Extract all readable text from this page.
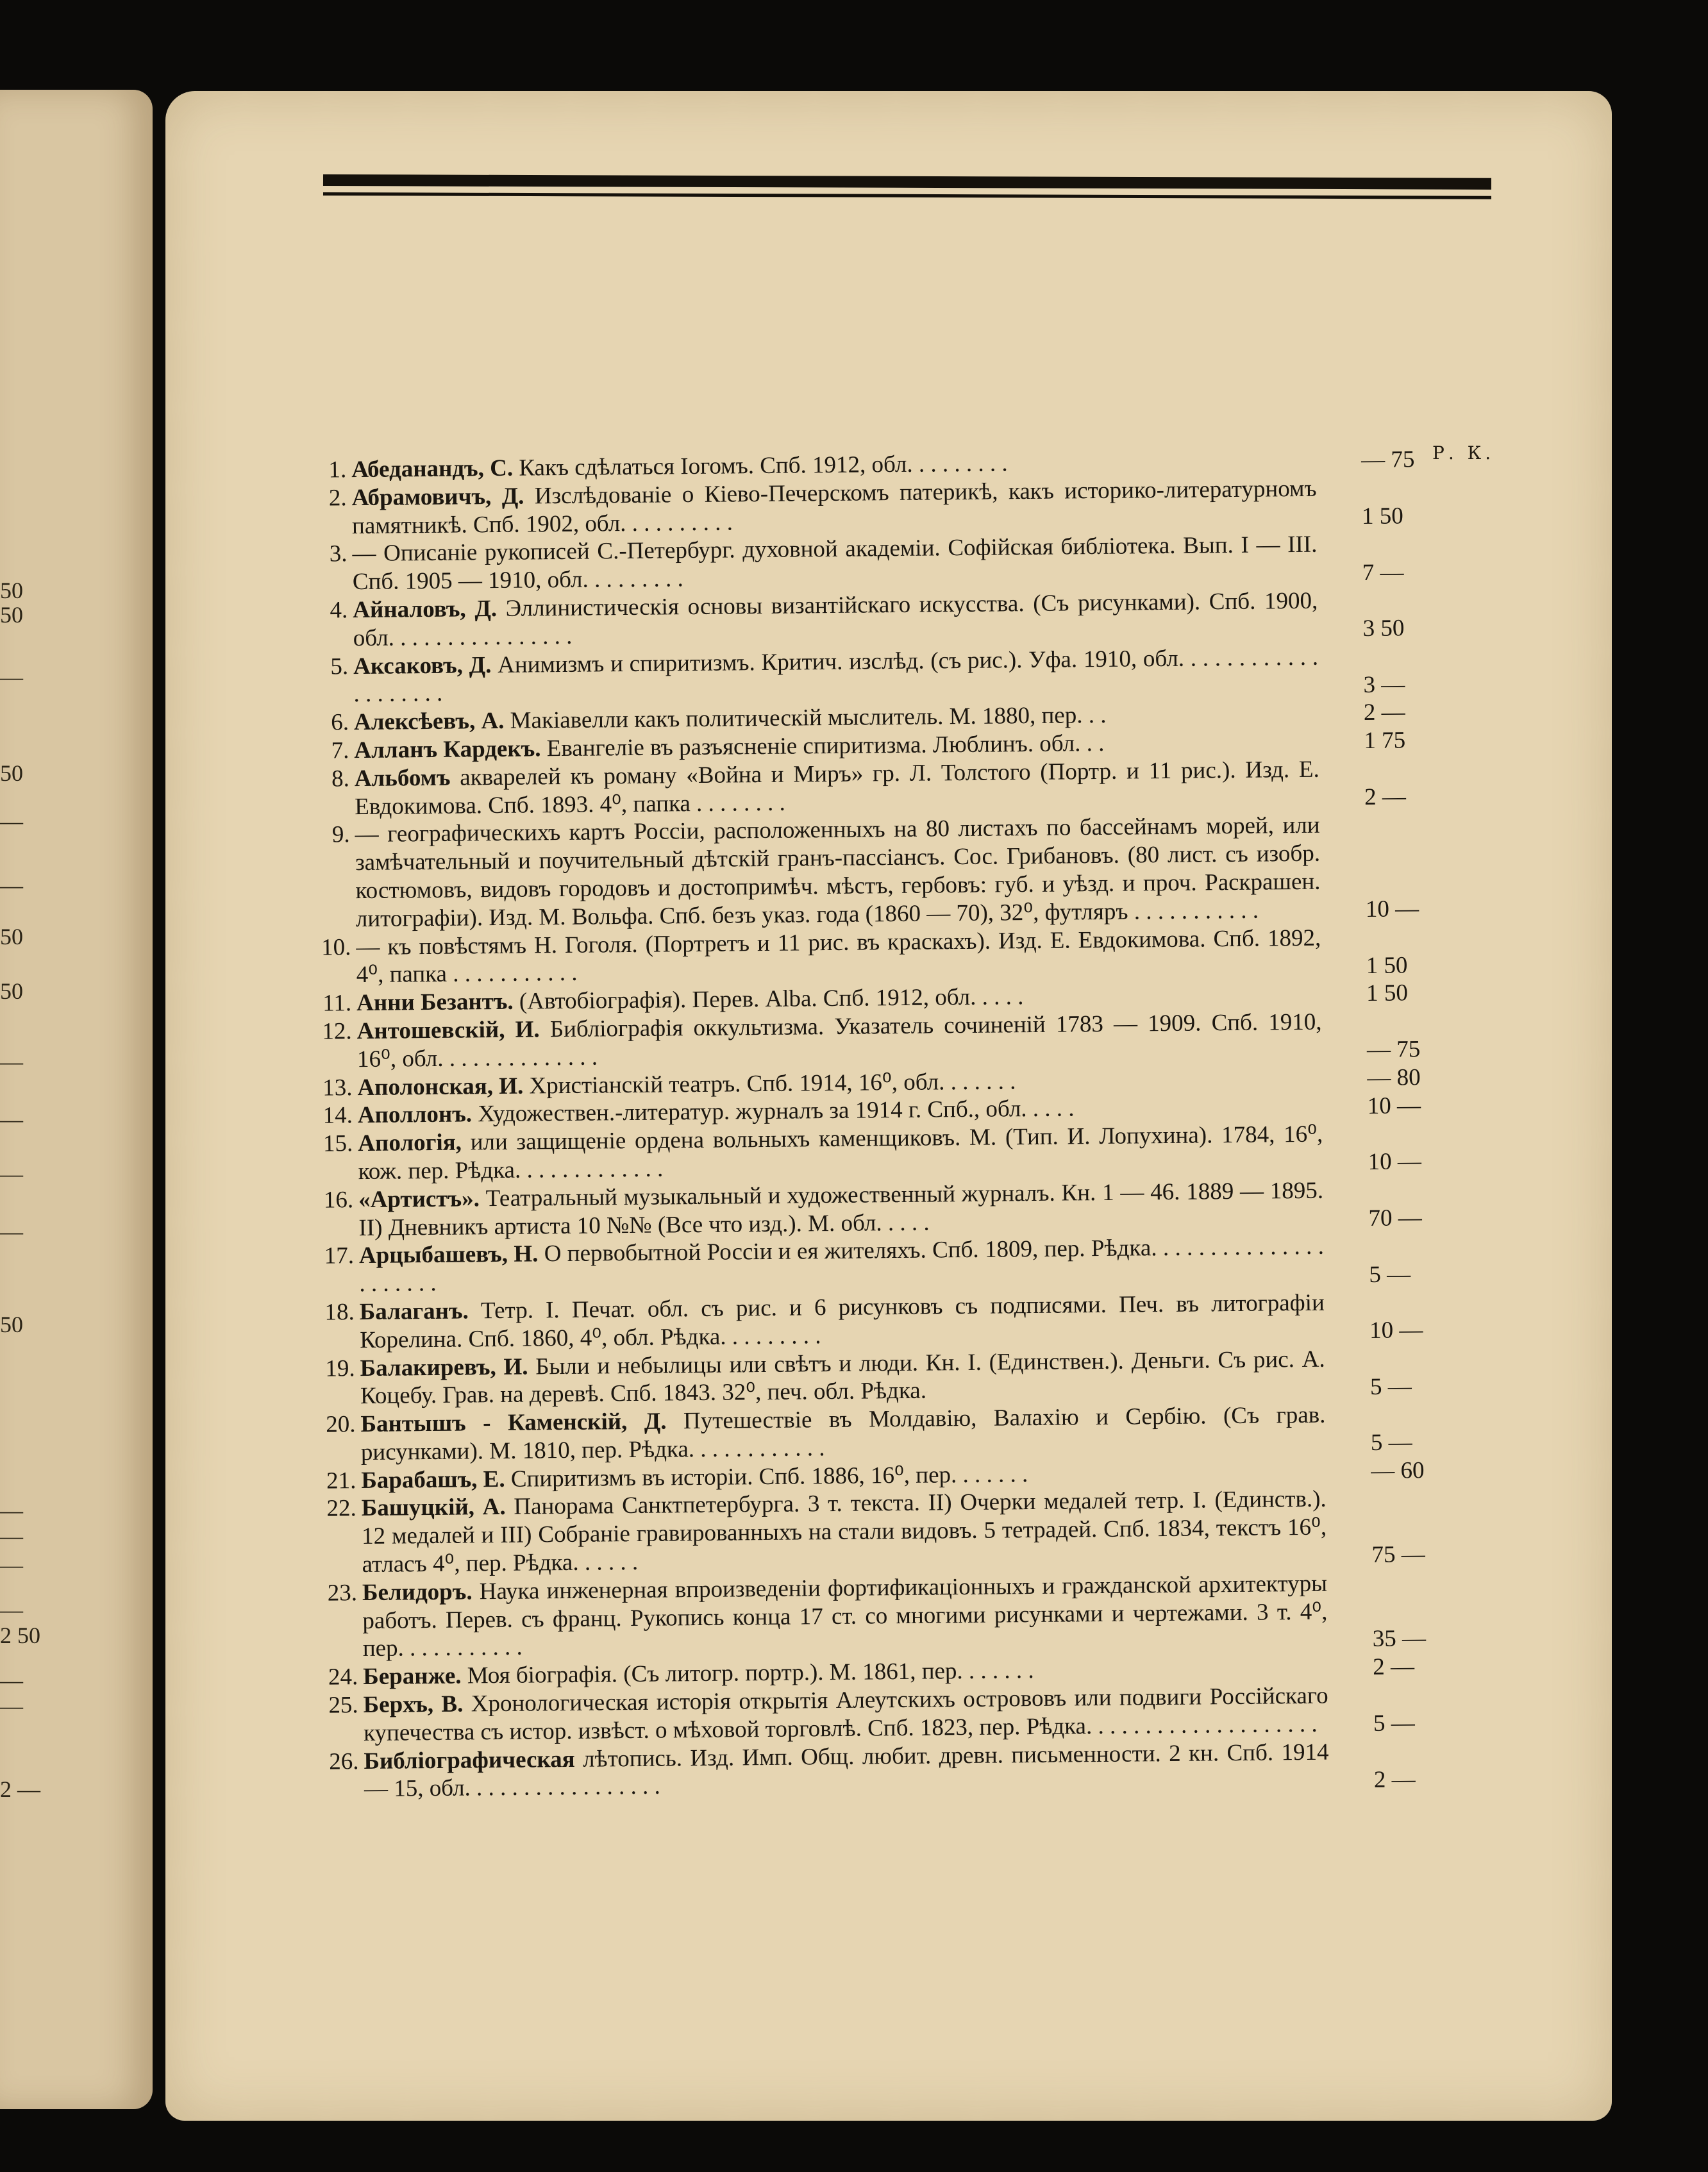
50
50
—
50
—
—
50
50
—
—
—
—
50
—
—
—
—
2 50
—
—
2 —
Р. К.
1. Абеданандъ, С. Какъ сдѣлаться Іогомъ. Спб. 1912, обл. . . . . . . . .	— 75
2. Абрамовичъ, Д. Изслѣдованіе о Кіево-Печерскомъ патерикѣ, какъ историко-литературномъ памятникѣ. Спб. 1902, обл. . . . . . . . . .	1 50
3. — Описаніе рукописей С.-Петербург. духовной академіи. Софійская библіотека. Вып. I — III. Спб. 1905 — 1910, обл. . . . . . . . .	7 —
4. Айналовъ, Д. Эллинистическія основы византійскаго искусства. (Съ рисунками). Спб. 1900, обл. . . . . . . . . . . . . . . .	3 50
5. Аксаковъ, Д. Анимизмъ и спиритизмъ. Критич. изслѣд. (съ рис.). Уфа. 1910, обл. . . . . . . . . . . . . . . . . . . .	3 —
6. Алексѣевъ, А. Макіавелли какъ политическій мыслитель. М. 1880, пер. . .	2 —
7. Алланъ Кардекъ. Евангеліе въ разъясненіе спиритизма. Люблинъ. обл. . .	1 75
8. Альбомъ акварелей къ роману «Война и Миръ» гр. Л. Толстого (Портр. и 11 рис.). Изд. Е. Евдокимова. Спб. 1893. 4⁰, папка . . . . . . . .	2 —
9. — географическихъ картъ Россіи, расположенныхъ на 80 листахъ по бассейнамъ морей, или замѣчательный и поучительный дѣтскій гранъ-пассіансъ. Сос. Грибановъ. (80 лист. съ изобр. костюмовъ, видовъ городовъ и достопримѣч. мѣстъ, гербовъ: губ. и уѣзд. и проч. Раскрашен. литографіи). Изд. М. Вольфа. Спб. безъ указ. года (1860 — 70), 32⁰, футляръ . . . . . . . . . . .	10 —
10. — къ повѣстямъ Н. Гоголя. (Портретъ и 11 рис. въ краскахъ). Изд. Е. Евдокимова. Спб. 1892, 4⁰, папка . . . . . . . . . . .	1 50
11. Анни Безантъ. (Автобіографія). Перев. Alba. Спб. 1912, обл. . . . .	1 50
12. Антошевскій, И. Библіографія оккультизма. Указатель сочиненій 1783 — 1909. Спб. 1910, 16⁰, обл. . . . . . . . . . . . . .	— 75
13. Аполонская, И. Христіанскій театръ. Спб. 1914, 16⁰, обл. . . . . . .	— 80
14. Аполлонъ. Художествен.-литератур. журналъ за 1914 г. Спб., обл. . . . .	10 —
15. Апологія, или защищеніе ордена вольныхъ каменщиковъ. М. (Тип. И. Лопухина). 1784, 16⁰, кож. пер. Рѣдка. . . . . . . . . . . . .	10 —
16. «Артистъ». Театральный музыкальный и художественный журналъ. Кн. 1 — 46. 1889 — 1895. II) Дневникъ артиста 10 №№ (Все что изд.). М. обл. . . . .	70 —
17. Арцыбашевъ, Н. О первобытной Россіи и ея жителяхъ. Спб. 1809, пер. Рѣдка. . . . . . . . . . . . . . . . . . . . . .	5 —
18. Балаганъ. Тетр. I. Печат. обл. съ рис. и 6 рисунковъ съ подписями. Печ. въ литографіи Корелина. Спб. 1860, 4⁰, обл. Рѣдка. . . . . . . . .	10 —
19. Балакиревъ, И. Были и небылицы или свѣтъ и люди. Кн. I. (Единствен.). Деньги. Съ рис. А. Коцебу. Грав. на деревѣ. Спб. 1843. 32⁰, печ. обл. Рѣдка.	5 —
20. Бантышъ - Каменскій, Д. Путешествіе въ Молдавію, Валахію и Сербію. (Съ грав. рисунками). М. 1810, пер. Рѣдка. . . . . . . . . . . .	5 —
21. Барабашъ, Е. Спиритизмъ въ исторіи. Спб. 1886, 16⁰, пер. . . . . . .	— 60
22. Башуцкій, А. Панорама Санктпетербурга. 3 т. текста. II) Очерки медалей тетр. I. (Единств.). 12 медалей и III) Собраніе гравированныхъ на стали видовъ. 5 тетрадей. Спб. 1834, текстъ 16⁰, атласъ 4⁰, пер. Рѣдка. . . . . .	75 —
23. Белидоръ. Наука инженерная впроизведеніи фортификаціонныхъ и гражданской архитектуры работъ. Перев. съ франц. Рукопись конца 17 ст. со многими рисунками и чертежами. 3 т. 4⁰, пер. . . . . . . . . . .	35 —
24. Беранже. Моя біографія. (Съ литогр. портр.). М. 1861, пер. . . . . . .	2 —
25. Берхъ, В. Хронологическая исторія открытія Алеутскихъ острововъ или подвиги Россійскаго купечества съ истор. извѣст. о мѣховой торговлѣ. Спб. 1823, пер. Рѣдка. . . . . . . . . . . . . . . . . . . .	5 —
26. Библіографическая лѣтопись. Изд. Имп. Общ. любит. древн. письменности. 2 кн. Спб. 1914 — 15, обл. . . . . . . . . . . . . . . . .	2 —
